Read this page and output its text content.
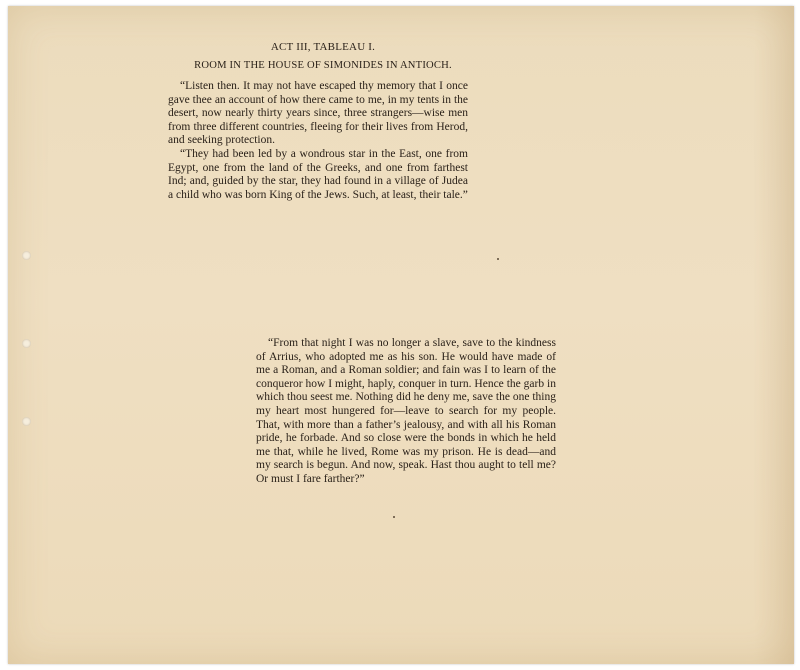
ACT III, TABLEAU I.
ROOM IN THE HOUSE OF SIMONIDES IN ANTIOCH.

“Listen then. It may not have escaped thy memory that I once gave thee an account of how there came to me, in my tents in the desert, now nearly thirty years since, three strangers—wise men from three different countries, fleeing for their lives from Herod, and seeking protection.

“They had been led by a wondrous star in the East, one from Egypt, one from the land of the Greeks, and one from farthest Ind; and, guided by the star, they had found in a village of Judea a child who was born King of the Jews. Such, at least, their tale.”

“From that night I was no longer a slave, save to the kindness of Arrius, who adopted me as his son. He would have made of me a Roman, and a Roman soldier; and fain was I to learn of the conqueror how I might, haply, conquer in turn. Hence the garb in which thou seest me. Nothing did he deny me, save the one thing my heart most hungered for—leave to search for my people. That, with more than a father’s jealousy, and with all his Roman pride, he forbade. And so close were the bonds in which he held me that, while he lived, Rome was my prison. He is dead—and my search is begun. And now, speak. Hast thou aught to tell me? Or must I fare farther?”
